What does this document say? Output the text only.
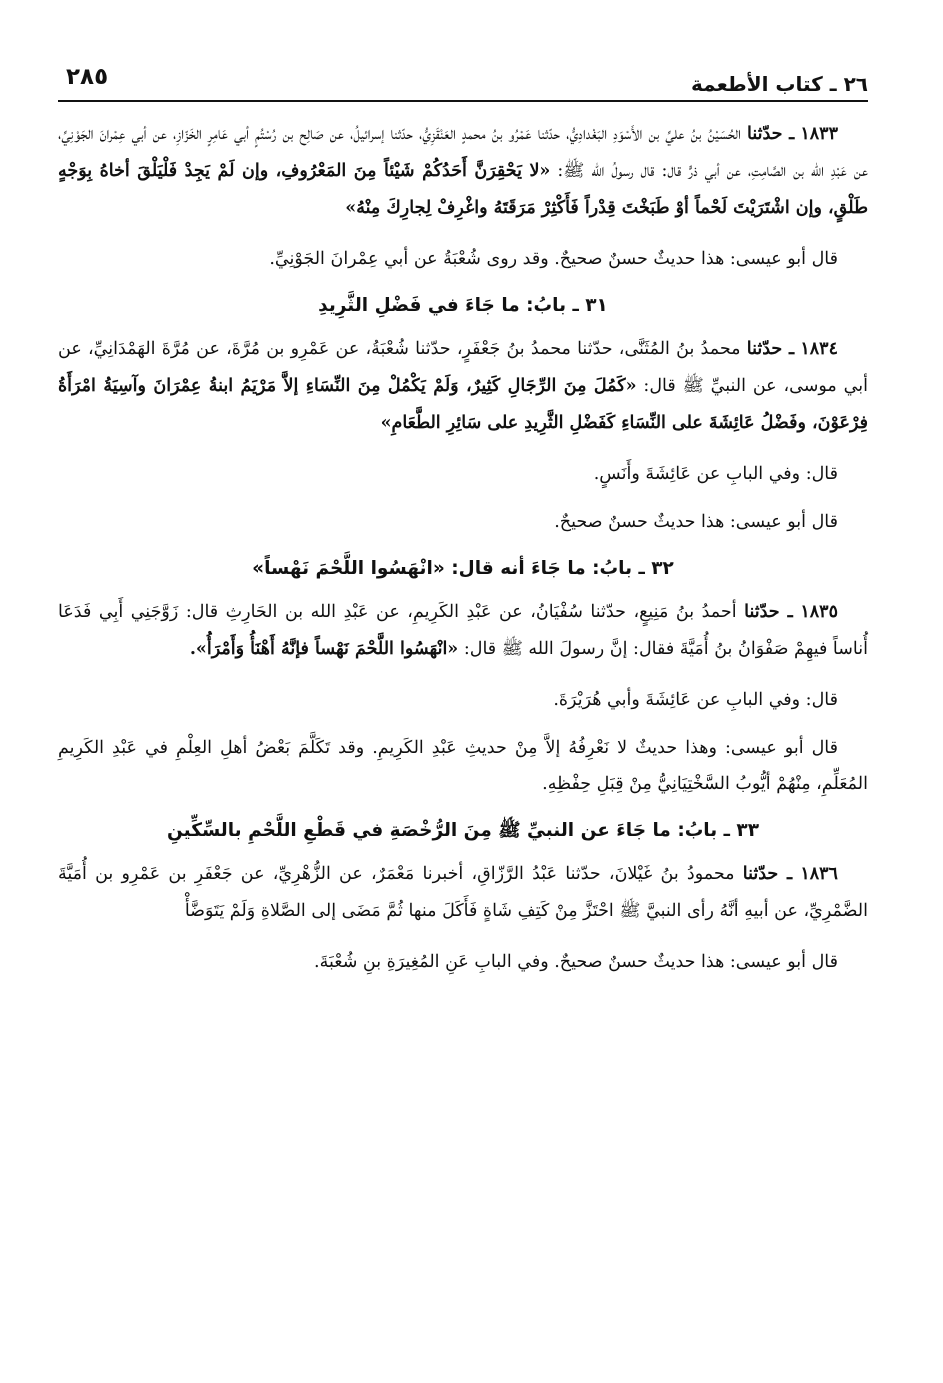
٢٦ ـ كتاب الأطعمة
٢٨٥

١٨٣٣ ـ حدّثنا الحُسَيْنُ بنُ عليِّ بن الأَسْوَدِ البَغْدادِيُّ، حدّثنا عَمْرُو بنُ محمدٍ العَنْقَزِيُّ، حدّثنا إسرائيلُ، عن صَالِح بن رُسْتُمٍ أبي عَامِرٍ الخَزّازِ، عن أبي عِمْرانَ الجَوْنِيِّ، عن عَبْدِ الله بن الصَّامِتِ، عن أبي ذرٍّ قال: قال رسولُ الله ﷺ: «لا يَحْقِرَنَّ أَحَدُكُمْ شَيْئاً مِنَ المَعْرُوفِ، وإن لَمْ يَجِدْ فَلْيَلْقَ أخاهُ بِوَجْهٍ طَلْقٍ، وإن اشْتَرَيْتَ لَحْماً أوْ طَبَخْتَ قِدْراً فَأَكْثِرْ مَرَقَتَهُ واغْرِفْ لِجارِكَ مِنْهُ»

قال أبو عيسى: هذا حديثٌ حسنٌ صحيحٌ. وقد روى شُعْبَةُ عن أبي عِمْرانَ الجَوْنِيِّ.

٣١ ـ بابُ: ما جَاءَ في فَضْلِ الثَّرِيدِ

١٨٣٤ ـ حدّثنا محمدُ بنُ المُثَنَّى، حدّثنا محمدُ بنُ جَعْفَرٍ، حدّثنا شُعْبَةُ، عن عَمْرِو بن مُرَّةَ، عن مُرَّةَ الهَمْدَانِيِّ، عن أبي موسى، عن النبيِّ ﷺ قال: «كَمُلَ مِنَ الرِّجَالِ كَثِيرٌ، وَلَمْ يَكْمُلْ مِنَ النِّسَاءِ إلاَّ مَرْيَمُ ابنةُ عِمْرَانَ وآسِيَةُ امْرَأَةُ فِرْعَوْنَ، وفَضْلُ عَائِشَةَ على النِّسَاءِ كَفَضْلِ الثَّرِيدِ على سَائِرِ الطَّعَامِ»

قال: وفي البابِ عن عَائِشَةَ وأَنَسٍ.

قال أبو عيسى: هذا حديثٌ حسنٌ صحيحٌ.

٣٢ ـ بابُ: ما جَاءَ أنه قال: «انْهَسُوا اللَّحْمَ نَهْساً»

١٨٣٥ ـ حدّثنا أحمدُ بنُ مَنِيعٍ، حدّثنا سُفْيَانُ، عن عَبْدِ الكَرِيمِ، عن عَبْدِ الله بن الحَارِثِ قال: زَوَّجَنِي أَبِي فَدَعَا أُناساً فيهِمْ صَفْوَانُ بنُ أُمَيَّةَ فقال: إنَّ رسولَ الله ﷺ قال: «انْهَسُوا اللَّحْمَ نَهْساً فإنَّهُ أَهْنَأُ وَأَمْرَأُ».

قال: وفي البابِ عن عَائِشَةَ وأبي هُرَيْرَةَ.

قال أبو عيسى: وهذا حديثٌ لا نَعْرِفُهُ إلاَّ مِنْ حديثِ عَبْدِ الكَرِيمِ. وقد تَكَلَّمَ بَعْضُ أهلِ العِلْمِ في عَبْدِ الكَرِيمِ المُعَلِّمِ، مِنْهُمْ أيُّوبُ السَّخْتِيَانِيُّ مِنْ قِبَلِ حِفْظِهِ.

٣٣ ـ بابُ: ما جَاءَ عن النبيِّ ﷺ مِنَ الرُّخْصَةِ في قَطْعِ اللَّحْمِ بالسِّكِّينِ

١٨٣٦ ـ حدّثنا محمودُ بنُ غَيْلانَ، حدّثنا عَبْدُ الرَّزّاقِ، أخبرنا مَعْمَرٌ، عن الزُّهْرِيِّ، عن جَعْفَرِ بن عَمْرِو بن أُمَيَّةَ الضَّمْرِيِّ، عن أبيهِ أنَّهُ رأى النبيَّ ﷺ احْتَزَّ مِنْ كَتِفِ شَاةٍ فَأَكَلَ منها ثُمَّ مَضَى إلى الصَّلاةِ وَلَمْ يَتَوَضَّأْ

قال أبو عيسى: هذا حديثٌ حسنٌ صحيحٌ. وفي البابِ عَنِ المُغِيرَةِ بنِ شُعْبَةَ.
